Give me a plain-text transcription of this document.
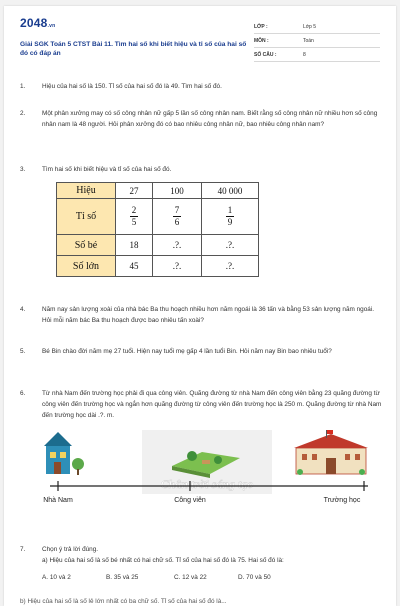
2048.vn
Giải SGK Toán 5 CTST Bài 11. Tìm hai số khi biết hiệu và tỉ số của hai số đó có đáp án
LỚP :	Lớp 5
MÔN :	Toán
SỐ CÂU :	8
1.	Hiệu của hai số là 150. Tỉ số của hai số đó là 49. Tìm hai số đó.
2.	Một phân xưởng may có số công nhân nữ gấp 5 lần số công nhân nam. Biết rằng số công nhân nữ nhiều hơn số công nhân nam là 48 người. Hỏi phân xưởng đó có bao nhiêu công nhân nữ, bao nhiêu công nhân nam?
3.	Tìm hai số khi biết hiệu và tỉ số của hai số đó.
Hiệu	27	100	40 000
Tỉ số	$\frac{2}{5}$	$\frac{7}{6}$	$\frac{1}{9}$

Số bé	18	.?.	.?.
Số lớn	45	.?.	.?.
4.	Năm nay sản lượng xoài của nhà bác Ba thu hoạch nhiều hơn năm ngoái là 36 tấn và bằng 53 sản lượng năm ngoái. Hỏi mỗi năm bác Ba thu hoạch được bao nhiêu tấn xoài?
5.	Bé Bin chào đời năm mẹ 27 tuổi. Hiện nay tuổi mẹ gấp 4 lần tuổi Bin. Hỏi năm nay Bin bao nhiêu tuổi?
6.	Từ nhà Nam đến trường học phải đi qua công viên. Quãng đường từ nhà Nam đến công viên bằng 23 quãng đường từ công viên đến trường học và ngắn hơn quãng đường từ công viên đến trường học là 250 m. Quãng đường từ nhà Nam đến trường học dài .?. m.
Chân trời sáng tạo
Nhà Nam	Công viên	Trường học
7.	Chọn ý trả lời đúng.
a) Hiệu của hai số là số bé nhất có hai chữ số. Tỉ số của hai số đó là 75. Hai số đó là:
A. 10 và 2	B. 35 và 25	C. 12 và 22	D. 70 và 50
b) Hiệu của hai số là số lẻ lớn nhất có ba chữ số. Tỉ số của hai số đó là...
